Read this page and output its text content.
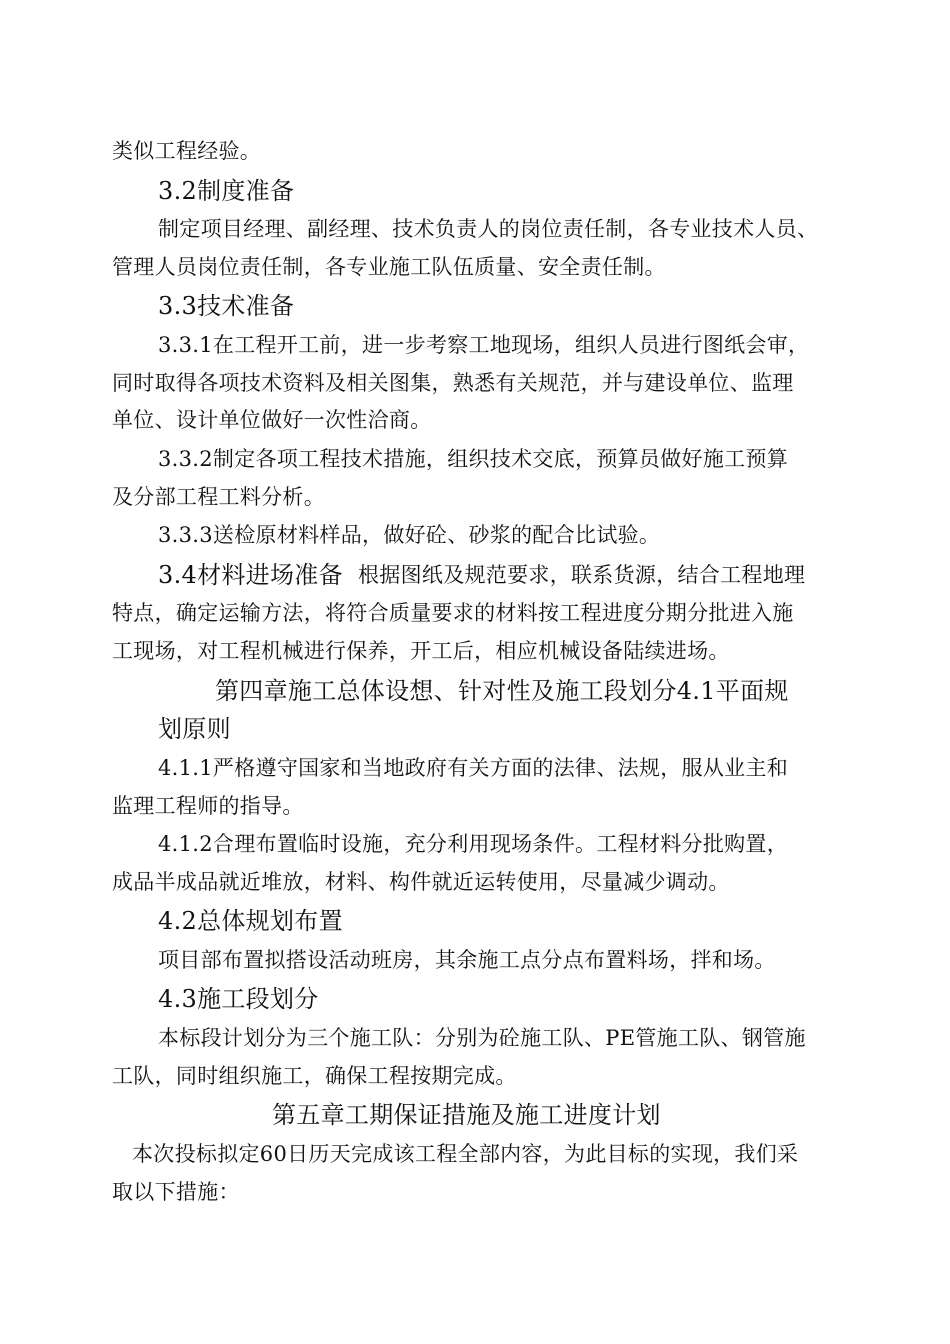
类似工程经验。
3.2制度准备
制定项目经理、副经理、技术负责人的岗位责任制，各专业技术人员、
管理人员岗位责任制，各专业施工队伍质量、安全责任制。
3.3技术准备
3.3.1在工程开工前，进一步考察工地现场，组织人员进行图纸会审，
同时取得各项技术资料及相关图集，熟悉有关规范，并与建设单位、监理
单位、设计单位做好一次性洽商。
3.3.2制定各项工程技术措施，组织技术交底，预算员做好施工预算
及分部工程工料分析。
3.3.3送检原材料样品，做好砼、砂浆的配合比试验。
3.4材料进场准备 根据图纸及规范要求，联系货源，结合工程地理
特点，确定运输方法，将符合质量要求的材料按工程进度分期分批进入施
工现场，对工程机械进行保养，开工后，相应机械设备陆续进场。
第四章施工总体设想、针对性及施工段划分4.1平面规
划原则
4.1.1严格遵守国家和当地政府有关方面的法律、法规，服从业主和
监理工程师的指导。
4.1.2合理布置临时设施，充分利用现场条件。工程材料分批购置，
成品半成品就近堆放，材料、构件就近运转使用，尽量减少调动。
4.2总体规划布置
项目部布置拟搭设活动班房，其余施工点分点布置料场，拌和场。
4.3施工段划分
本标段计划分为三个施工队：分别为砼施工队、PE管施工队、钢管施
工队，同时组织施工，确保工程按期完成。
第五章工期保证措施及施工进度计划
本次投标拟定60日历天完成该工程全部内容，为此目标的实现，我们采
取以下措施：
